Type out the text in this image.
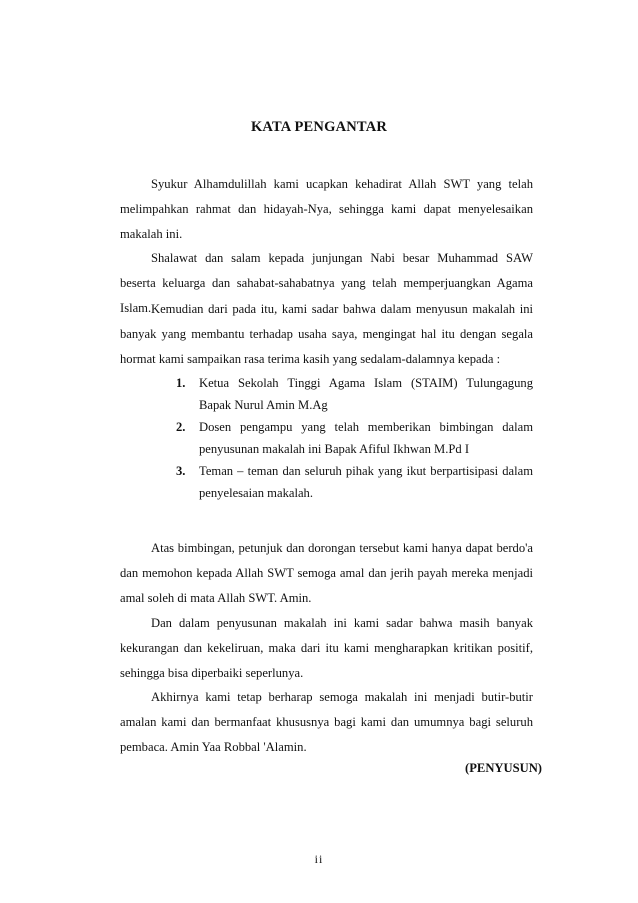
KATA PENGANTAR

Syukur Alhamdulillah kami ucapkan kehadirat Allah SWT yang telah melimpahkan rahmat dan hidayah-Nya, sehingga kami dapat menyelesaikan makalah ini.

Shalawat dan salam kepada junjungan Nabi besar Muhammad SAW beserta keluarga dan sahabat-sahabatnya yang telah memperjuangkan Agama Islam. Kemudian dari pada itu, kami sadar bahwa dalam menyusun makalah ini banyak yang membantu terhadap usaha saya, mengingat hal itu dengan segala hormat kami sampaikan rasa terima kasih yang sedalam-dalamnya kepada :

1. Ketua Sekolah Tinggi Agama Islam (STAIM) Tulungagung Bapak Nurul Amin M.Ag
2. Dosen pengampu yang telah memberikan bimbingan dalam penyusunan makalah ini Bapak Afiful Ikhwan M.Pd I
3. Teman – teman dan seluruh pihak yang ikut berpartisipasi dalam penyelesaian makalah.

Atas bimbingan, petunjuk dan dorongan tersebut kami hanya dapat berdo'a dan memohon kepada Allah SWT semoga amal dan jerih payah mereka menjadi amal soleh di mata Allah SWT. Amin.

Dan dalam penyusunan makalah ini kami sadar bahwa masih banyak kekurangan dan kekeliruan, maka dari itu kami mengharapkan kritikan positif, sehingga bisa diperbaiki seperlunya.

Akhirnya kami tetap berharap semoga makalah ini menjadi butir-butir amalan kami dan bermanfaat khususnya bagi kami dan umumnya bagi seluruh pembaca. Amin Yaa Robbal 'Alamin.

(PENYUSUN)
ii
